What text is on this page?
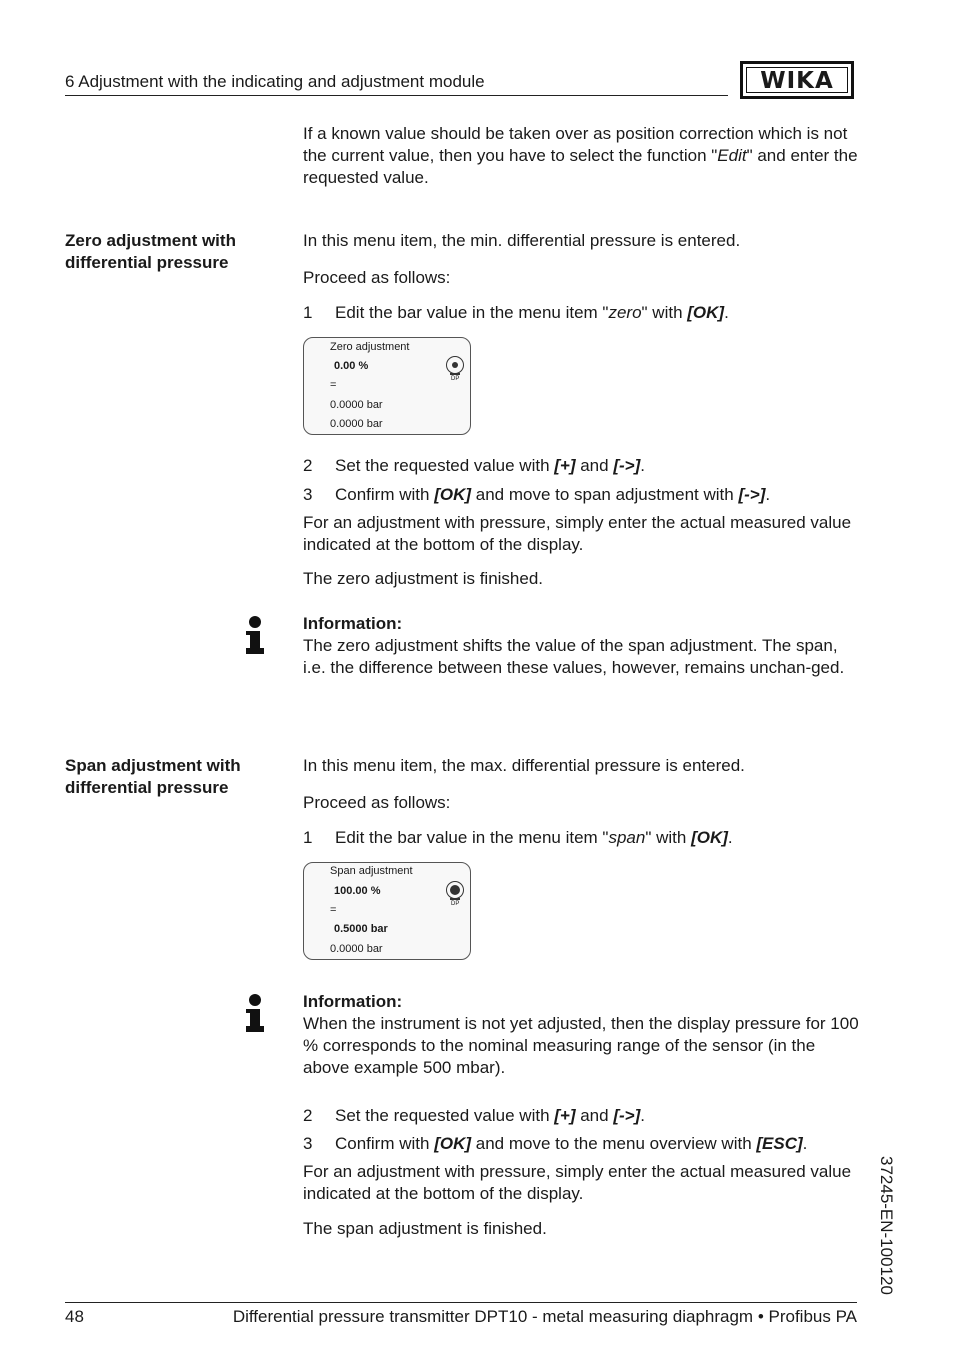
6 Adjustment with the indicating and adjustment module	WIKA
If a known value should be taken over as position correction which is not the current value, then you have to select the function "Edit" and enter the requested value.
Zero adjustment with
differential pressure
In this menu item, the min. differential pressure is entered.
Proceed as follows:
1 Edit the bar value in the menu item "zero" with [OK].
Zero adjustment
0.00 %
=
0.0000 bar
0.0000 bar
DP
2 Set the requested value with [+] and [->].
3 Confirm with [OK] and move to span adjustment with [->].
For an adjustment with pressure, simply enter the actual measured value indicated at the bottom of the display.
The zero adjustment is finished.
Information:
The zero adjustment shifts the value of the span adjustment. The span, i.e. the difference between these values, however, remains unchan-ged.
Span adjustment with
differential pressure
In this menu item, the max. differential pressure is entered.
Proceed as follows:
1 Edit the bar value in the menu item "span" with [OK].
Span adjustment
100.00 %
=
0.5000 bar
0.0000 bar
DP
Information:
When the instrument is not yet adjusted, then the display pressure for 100 % corresponds to the nominal measuring range of the sensor (in the above example 500 mbar).
2 Set the requested value with [+] and [->].
3 Confirm with [OK] and move to the menu overview with [ESC].
For an adjustment with pressure, simply enter the actual measured value indicated at the bottom of the display.
The span adjustment is finished.	37245-EN-100120
48	Differential pressure transmitter DPT10 - metal measuring diaphragm • Profibus PA
